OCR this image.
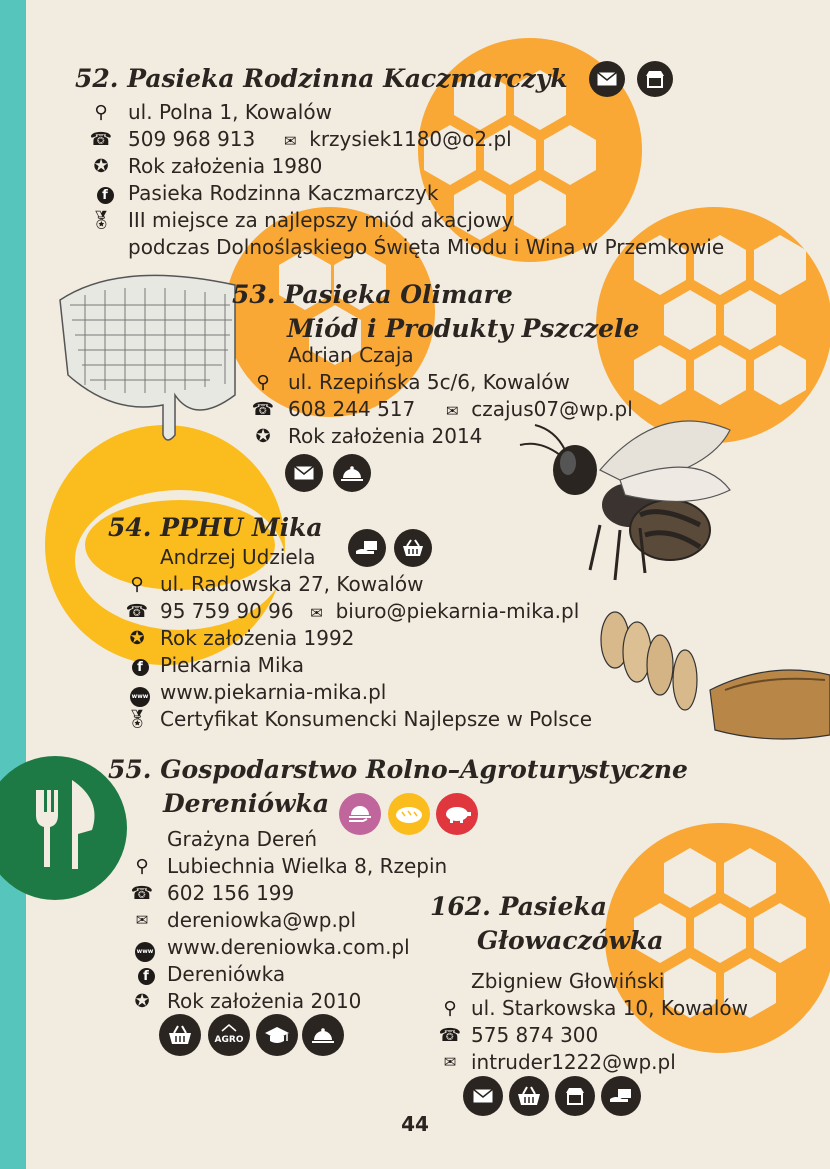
52. Pasieka Rodzinna Kaczmarczyk
⚲	ul. Polna 1, Kowalów
☎ 509 968 913 ✉ krzysiek1180@o2.pl
✪ Rok założenia 1980
f	Pasieka Rodzinna Kaczmarczyk
🏅︎ III miejsce za najlepszy miód akacjowy
podczas Dolnośląskiego Święta Miodu i Wina w Przemkowie
53. Pasieka Olimare
Miód i Produkty Pszczele
Adrian Czaja
⚲ ul. Rzepińska 5c/6, Kowalów
☎ 608 244 517 ✉ czajus07@wp.pl
✪ Rok założenia 2014
54. PPHU Mika
Andrzej Udziela
⚲ ul. Radowska 27, Kowalów
☎ 95 759 90 96 ✉ biuro@piekarnia-mika.pl
✪ Rok założenia 1992
f Piekarnia Mika
www www.piekarnia-mika.pl
🏅︎ Certyfikat Konsumencki Najlepsze w Polsce
55. Gospodarstwo Rolno–Agroturystyczne
Dereniówka
Grażyna Dereń
⚲ Lubiechnia Wielka 8, Rzepin
☎ 602 156 199
✉ dereniowka@wp.pl
www www.dereniowka.com.pl
f Dereniówka
✪ Rok założenia 2010
AGRO
162. Pasieka
Głowaczówka
Zbigniew Głowiński
⚲ ul. Starkowska 10, Kowalów
☎ 575 874 300
✉ intruder1222@wp.pl
44
